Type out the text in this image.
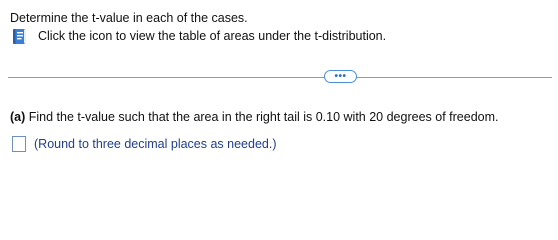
Determine the t-value in each of the cases.
Click the icon to view the table of areas under the t-distribution.
•••
(a) Find the t-value such that the area in the right tail is 0.10 with 20 degrees of freedom.
(Round to three decimal places as needed.)
